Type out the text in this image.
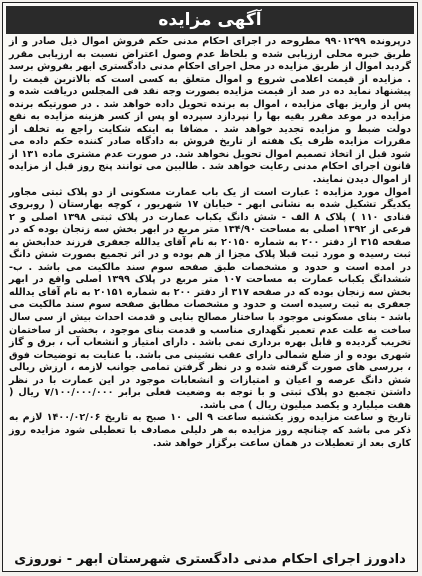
آگهی مزایده

درپرونده ۹۹۰۱۲۹۹ مطروحه در اجرای احکام مدنی حکم فروش اموال ذیل صادر و از طریق خبره محلی ارزیابی شده و بلحاظ عدم وصول اعتراض نسبت به ارزیابی مقرر گردید اموال از طریق مزایده در محل اجرای احکام مدنی دادگستری ابهر بفروش برسد . مزایده از قیمت اعلامی شروع و اموال متعلق به کسی است که بالاترین قیمت را پیشنهاد نماید ده در صد از قیمت مزایده بصورت وجه نقد فی المجلس دریافت شده و پس از واریز بهای مزایده ، اموال به برنده تحویل داده خواهد شد . در صورتیکه برنده مزایده در موعد مقرر بقیه بها را نپردازد سپرده او پس از کسر هزینه مزایده به نفع دولت ضبط و مزایده تجدید خواهد شد . مضافا به اینکه شکایت راجع به تخلف از مقررات مزایده ظرف یک هفته از تاریخ فروش به دادگاه صادر کننده حکم داده می شود قبل از اتخاذ تصمیم اموال تحویل نخواهد شد. در صورت عدم مشتری ماده ۱۳۱ از قانون اجرای احکام مدنی رعایت خواهد شد . طالبین می توانند پنج روز قبل از مزایده از اموال دیدن نمایند.

اموال مورد مزایده : عبارت است از یک باب عمارت مسکونی از دو پلاک ثبتی مجاور یکدیگر تشکیل شده به نشانی ابهر - خیابان ۱۷ شهریور ، کوچه بهارستان ( روبروی قنادی ۱۱۰ ) پلاک ۸ الف - شش دانگ یکباب عمارت در پلاک ثبتی ۱۳۹۸ اصلی و ۲ فرعی از ۱۳۹۲ اصلی به مساحت ۱۳۴/۹۰ متر مربع در ابهر بخش سه زنجان بوده که در صفحه ۳۱۵ از دفتر ۲۰۰ به شماره ۲۰۱۵۰ به نام آقای یدالله جعفری فرزند خدابخش به ثبت رسیده و مورد ثبت قبلا پلاک مجزا از هم بوده و در اثر تجمیع بصورت شش دانگ در امده است و حدود و مشخصات طبق صفحه سوم سند مالکیت می باشد . ب- ششدانگ یکباب عمارت به مساحت ۱۰۷ متر مربع در پلاک ۱۳۹۹ اصلی واقع در ابهر بخش سه زنجان بوده که در صفحه ۳۱۷ از دفتر ۲۰۰ به شماره ۲۰۱۵۱ به نام آقای یدالله جعفری به ثبت رسیده است و حدود و مشخصات مطابق صفحه سوم سند مالکیت می باشد - بنای مسکونی موجود با ساختار مصالح بنایی و قدمت احداث بیش از سی سال ساخت به علت عدم تعمیر نگهداری مناسب و قدمت بنای موجود ، بخشی از ساختمان تخریب گردیده و قابل بهره برداری نمی باشد . دارای امتیاز و انشعاب آب ، برق و گاز شهری بوده و از ضلع شمالی دارای عقب نشینی می باشد. با عنایت به توضیحات فوق ، بررسی های صورت گرفته شده و در نظر گرفتن تمامی جوانب لازمه ، ارزش ریالی شش دانگ عرصه و اعیان و امتیازات و انشعابات موجود در این عمارت با در نظر داشتن تجمیع دو پلاک ثبتی و با توجه به وضعیت فعلی برابر ۷/۱۰۰/۰۰۰/۰۰۰ ریال ( هفت میلیارد و یکصد میلیون ریال ) می باشد.

تاریخ و ساعت مزایده روز یکشنبه ساعت ۹ الی ۱۰ صبح به تاریخ ۱۴۰۰/۰۲/۰۶ لازم به ذکر می باشد که چنانچه روز مزایده به هر دلیلی مصادف با تعطیلی شود مزایده روز کاری بعد از تعطیلات در همان ساعت برگزار خواهد شد.

دادورز اجرای احکام مدنی دادگستری شهرستان ابهر - نوروزی
